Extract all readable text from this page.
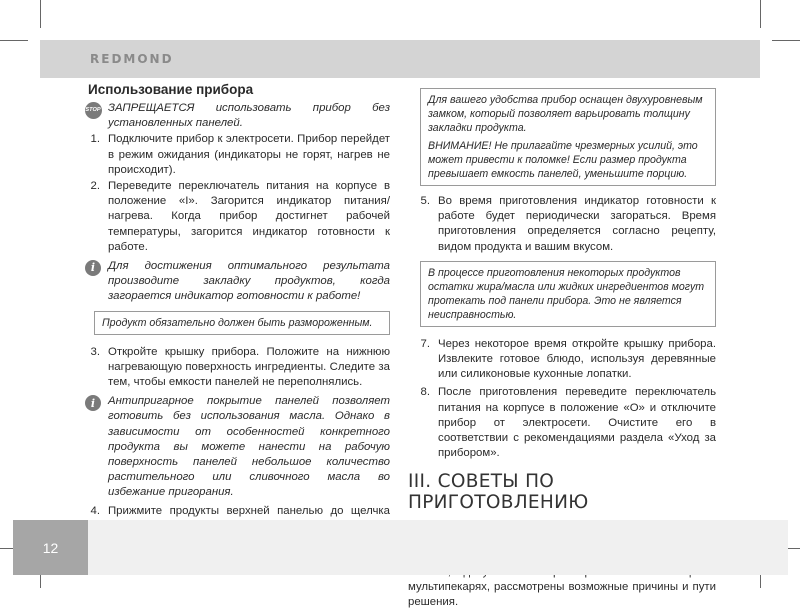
REDMOND
Использование прибора
STOP ЗАПРЕЩАЕТСЯ использовать прибор без установленных панелей.
1. Подключите прибор к электросети. Прибор перейдет в режим ожидания (индикаторы не горят, нагрев не происходит).
2. Переведите переключатель питания на корпусе в положение «I». Загорится индикатор питания/нагрева. Когда прибор достигнет рабочей температуры, загорится индикатор готовности к работе.
i	Для достижения оптимального результата производите закладку продуктов, когда загорается индикатор готовности к работе!
Продукт обязательно должен быть размороженным.
3. Откройте крышку прибора. Положите на нижнюю нагревающую поверхность ингредиенты. Следите за тем, чтобы емкости панелей не переполнялись.
i	Антипригарное покрытие панелей позволяет готовить без использования масла. Однако в зависимости от особенностей конкретного продукта вы можете нанести на рабочую поверхность панелей небольшое количество растительного или сливочного масла во избежание пригорания.
4. Прижмите продукты верхней панелью до щелчка
Для вашего удобства прибор оснащен двухуровневым замком, который позволяет варьировать толщину закладки продукта.
ВНИМАНИЕ! Не прилагайте чрезмерных усилий, это может привести к поломке! Если размер продукта превышает емкость панелей, уменьшите порцию.
5. Во время приготовления индикатор готовности к работе будет периодически загораться. Время приготовления определяется согласно рецепту, видом продукта и вашим вкусом.
В процессе приготовления некоторых продуктов остатки жира/масла или жидких ингредиентов могут протекать под панели прибора. Это не является неисправностью.
7. Через некоторое время откройте крышку прибора. Извлеките готовое блюдо, используя деревянные или силиконовые кухонные лопатки.
8. После приготовления переведите переключатель питания на корпусе в положение «O» и отключите прибор от электросети. Очистите его в соответствии с рекомендациями раздела «Уход за прибором».
III. СОВЕТЫ ПО ПРИГОТОВЛЕНИЮ
мультипекарях, рассмотрены возможные причины и пути решения.
12
